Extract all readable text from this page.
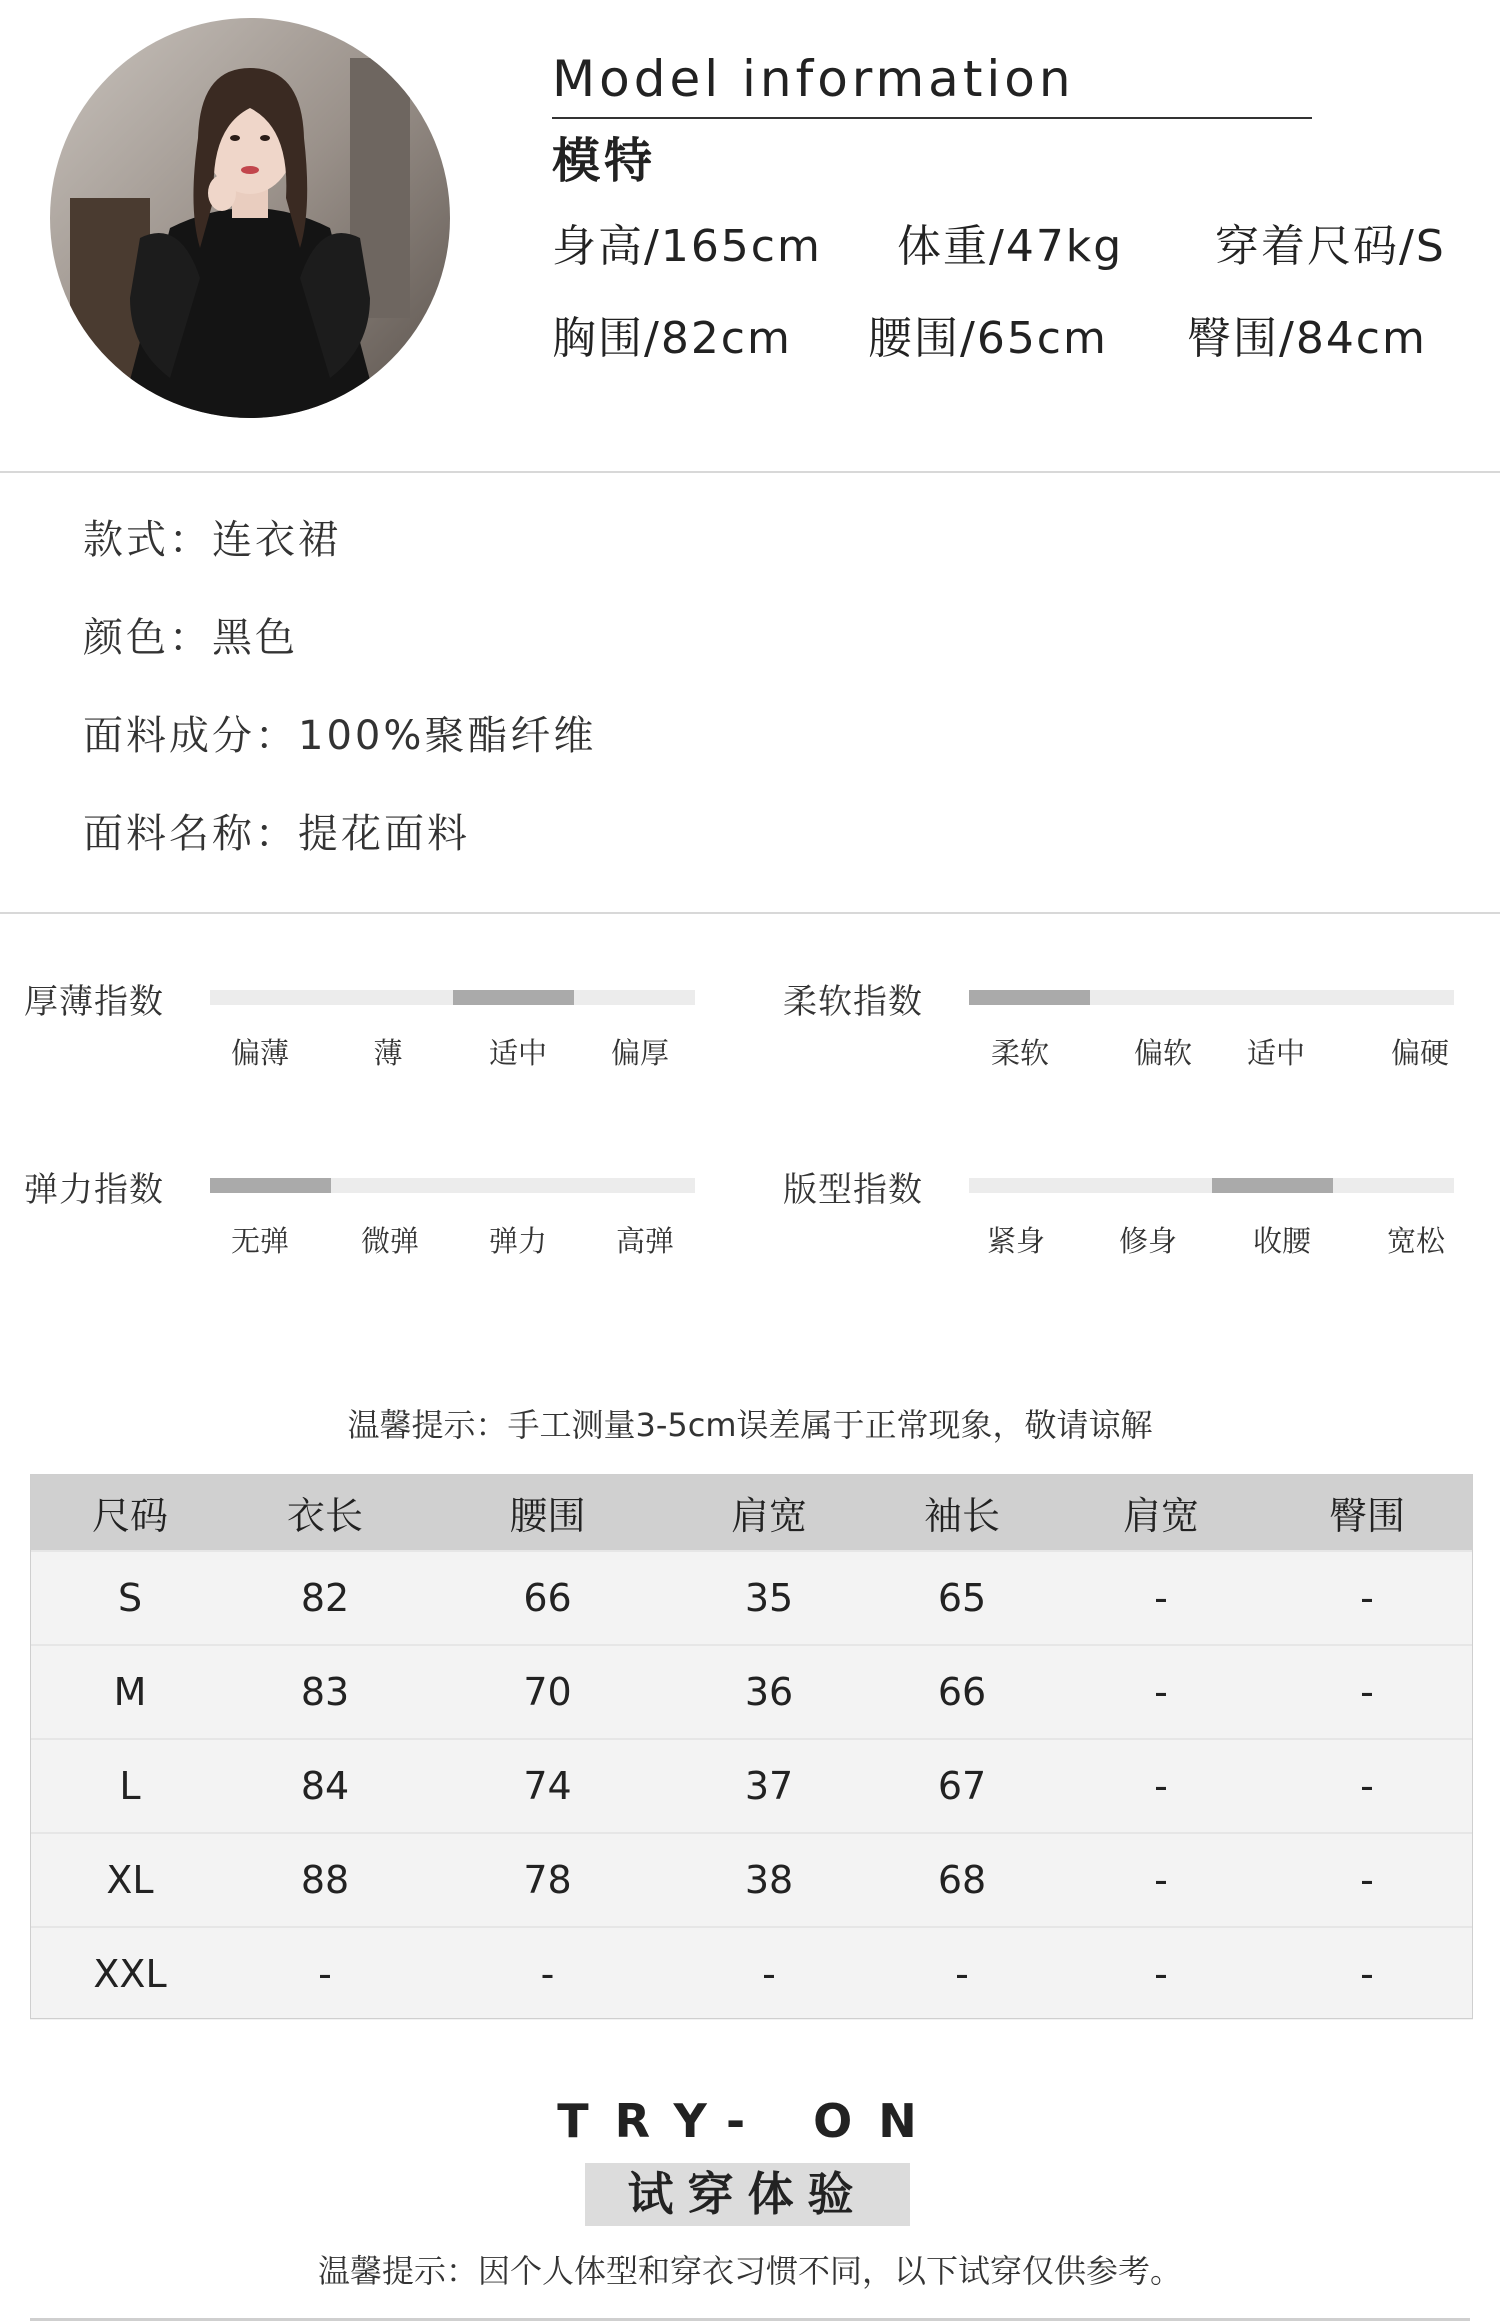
Model information
模特
身高/165cm 体重/47kg 穿着尺码/S
胸围/82cm 腰围/65cm 臀围/84cm
款式：连衣裙
颜色：黑色
面料成分：100%聚酯纤维
面料名称：提花面料
厚薄指数
偏薄	薄	适中	偏厚
柔软指数
柔软	偏软	适中	偏硬
弹力指数
无弹	微弹	弹力	高弹
版型指数
紧身	修身	收腰	宽松
温馨提示：手工测量3-5cm误差属于正常现象，敬请谅解
尺码	衣长	腰围	肩宽	袖长	肩宽	臀围
S	82	66	35	65	-	-
M	83	70	36	66	-	-
L	84	74	37	67	-	-
XL	88	78	38	68	-	-
XXL	-	-	-	-	-	-
TRY- ON
试穿体验
温馨提示：因个人体型和穿衣习惯不同，以下试穿仅供参考。
